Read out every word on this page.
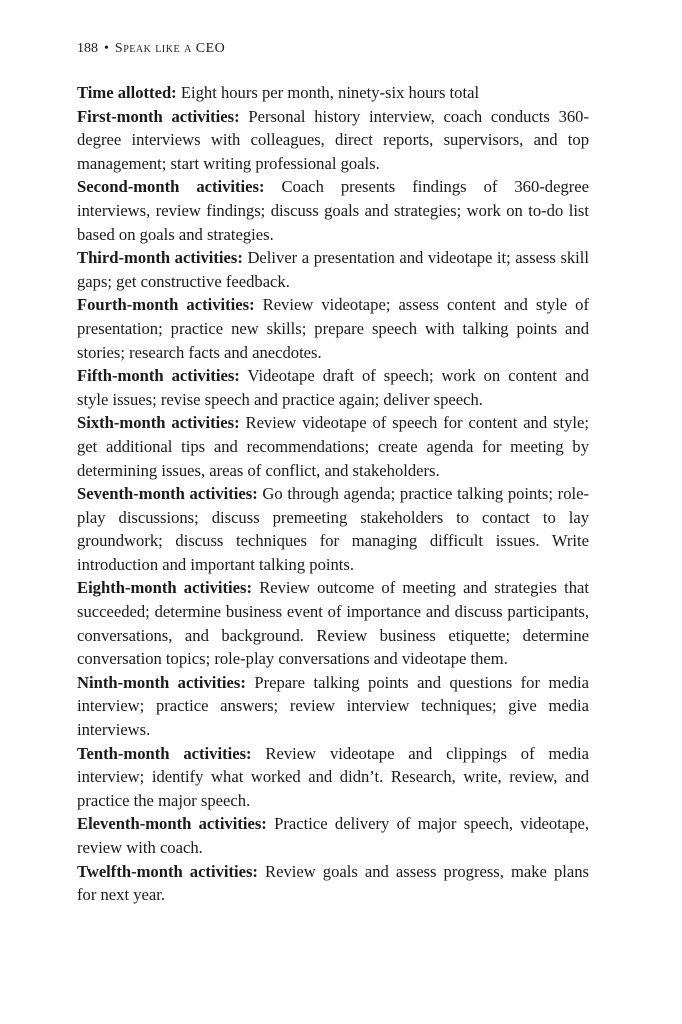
188 • Speak like a CEO

Time allotted: Eight hours per month, ninety-six hours total

First-month activities: Personal history interview, coach conducts 360-degree interviews with colleagues, direct reports, supervisors, and top management; start writing professional goals.

Second-month activities: Coach presents findings of 360-degree interviews, review findings; discuss goals and strategies; work on to-do list based on goals and strategies.

Third-month activities: Deliver a presentation and videotape it; assess skill gaps; get constructive feedback.

Fourth-month activities: Review videotape; assess content and style of presentation; practice new skills; prepare speech with talking points and stories; research facts and anecdotes.

Fifth-month activities: Videotape draft of speech; work on content and style issues; revise speech and practice again; deliver speech.

Sixth-month activities: Review videotape of speech for content and style; get additional tips and recommendations; create agenda for meeting by determining issues, areas of conflict, and stakeholders.

Seventh-month activities: Go through agenda; practice talking points; role-play discussions; discuss premeeting stakeholders to contact to lay groundwork; discuss techniques for managing difficult issues. Write introduction and important talking points.

Eighth-month activities: Review outcome of meeting and strategies that succeeded; determine business event of importance and discuss participants, conversations, and background. Review business etiquette; determine conversation topics; role-play conversations and videotape them.

Ninth-month activities: Prepare talking points and questions for media interview; practice answers; review interview techniques; give media interviews.

Tenth-month activities: Review videotape and clippings of media interview; identify what worked and didn’t. Research, write, review, and practice the major speech.

Eleventh-month activities: Practice delivery of major speech, videotape, review with coach.

Twelfth-month activities: Review goals and assess progress, make plans for next year.
